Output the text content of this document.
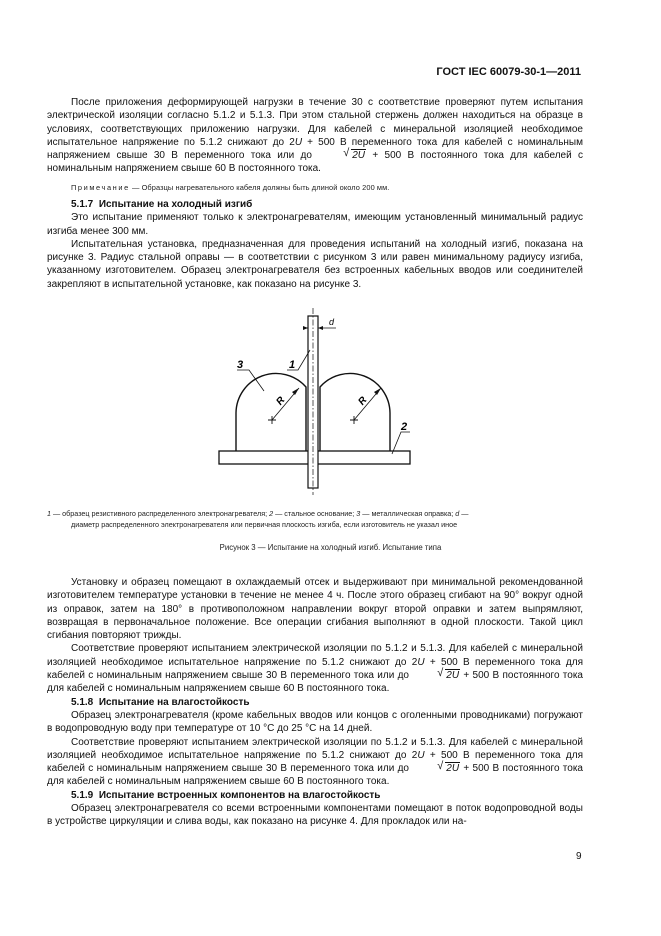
ГОСТ IEC 60079-30-1—2011

После приложения деформирующей нагрузки в течение 30 с соответствие проверяют путем испытания электрической изоляции согласно 5.1.2 и 5.1.3. При этом стальной стержень должен находиться на образце в условиях, соответствующих приложению нагрузки. Для кабелей с минеральной изоляцией необходимое испытательное напряжение по 5.1.2 снижают до 2U + 500 В переменного тока для кабелей с номинальным напряжением свыше 30 В переменного тока или до	√ 2U + 500 В постоянного тока для кабелей с номинальным напряжением свыше 60 В постоянного тока.

Примечание — Образцы нагревательного кабеля должны быть длиной около 200 мм.

5.1.7 Испытание на холодный изгиб

Это испытание применяют только к электронагревателям, имеющим установленный минимальный радиус изгиба менее 300 мм.

Испытательная установка, предназначенная для проведения испытаний на холодный изгиб, показана на рисунке 3. Радиус стальной оправы — в соответствии с рисунком 3 или равен минимальному радиусу изгиба, указанному изготовителем. Образец электронагревателя без встроенных кабельных вводов или соединителей закрепляют в испытательной установке, как показано на рисунке 3.

R	R
1
3
2
d
1 — образец резистивного распределенного электронагревателя; 2 — стальное основание; 3 — металлическая оправка; d —
диаметр распределенного электронагревателя или первичная плоскость изгиба, если изготовитель не указал иное
Рисунок 3 — Испытание на холодный изгиб. Испытание типа

Установку и образец помещают в охлаждаемый отсек и выдерживают при минимальной рекомендованной изготовителем температуре установки в течение не менее 4 ч. После этого образец сгибают на 90° вокруг одной из оправок, затем на 180° в противоположном направлении вокруг второй оправки и затем выпрямляют, возвращая в первоначальное положение. Все операции сгибания выполняют в одной плоскости. Такой цикл сгибания повторяют трижды.

Соответствие проверяют испытанием электрической изоляции по 5.1.2 и 5.1.3. Для кабелей с минеральной изоляцией необходимое испытательное напряжение по 5.1.2 снижают до 2U + 500 В переменного тока для кабелей с номинальным напряжением свыше 30 В переменного тока или до	√ 2U + 500 В постоянного тока для кабелей с номинальным напряжением свыше 60 В постоянного тока.

5.1.8 Испытание на влагостойкость

Образец электронагревателя (кроме кабельных вводов или концов с оголенными проводниками) погружают в водопроводную воду при температуре от 10 °С до 25 °С на 14 дней.

Соответствие проверяют испытанием электрической изоляции по 5.1.2 и 5.1.3. Для кабелей с минеральной изоляцией необходимое испытательное напряжение по 5.1.2 снижают до 2U + 500 В переменного тока для кабелей с номинальным напряжением свыше 30 В переменного тока или до	√ 2U + 500 В постоянного тока для кабелей с номинальным напряжением свыше 60 В постоянного тока.

5.1.9 Испытание встроенных компонентов на влагостойкость

Образец электронагревателя со всеми встроенными компонентами помещают в поток водопроводной воды в устройстве циркуляции и слива воды, как показано на рисунке 4. Для прокладок или на-

9
